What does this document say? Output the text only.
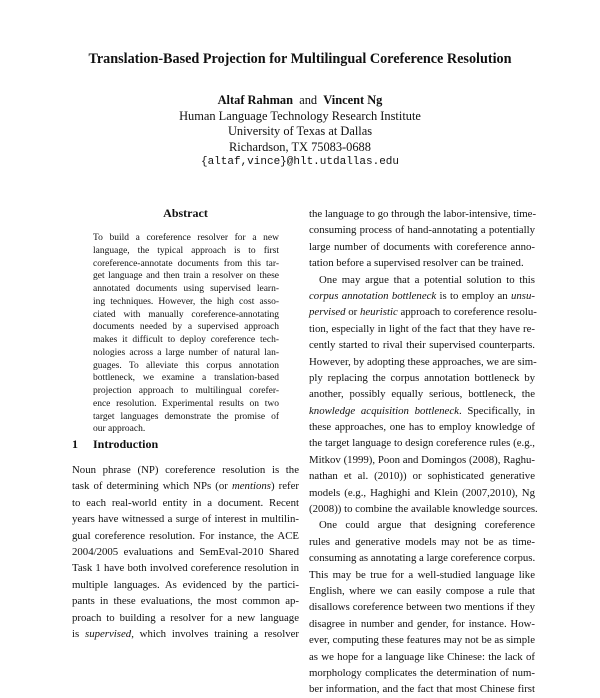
Translation-Based Projection for Multilingual Coreference Resolution
Altaf Rahman and Vincent Ng
Human Language Technology Research Institute
University of Texas at Dallas
Richardson, TX 75083-0688
{altaf,vince}@hlt.utdallas.edu
Abstract
To build a coreference resolver for a new
language, the typical approach is to first
coreference-annotate documents from this tar-
get language and then train a resolver on these
annotated documents using supervised learn-
ing techniques. However, the high cost asso-
ciated with manually coreference-annotating
documents needed by a supervised approach
makes it difficult to deploy coreference tech-
nologies across a large number of natural lan-
guages. To alleviate this corpus annotation
bottleneck, we examine a translation-based
projection approach to multilingual corefer-
ence resolution. Experimental results on two
target languages demonstrate the promise of
our approach.
1 Introduction
Noun phrase (NP) coreference resolution is the
task of determining which NPs (or mentions) refer
to each real-world entity in a document. Recent
years have witnessed a surge of interest in multilin-
gual coreference resolution. For instance, the ACE
2004/2005 evaluations and SemEval-2010 Shared
Task 1 have both involved coreference resolution in
multiple languages. As evidenced by the partici-
pants in these evaluations, the most common ap-
proach to building a resolver for a new language
is supervised, which involves training a resolver
the language to go through the labor-intensive, time-
consuming process of hand-annotating a potentially
large number of documents with coreference anno-
tation before a supervised resolver can be trained.
One may argue that a potential solution to this
corpus annotation bottleneck is to employ an unsu-
pervised or heuristic approach to coreference resolu-
tion, especially in light of the fact that they have re-
cently started to rival their supervised counterparts.
However, by adopting these approaches, we are sim-
ply replacing the corpus annotation bottleneck by
another, possibly equally serious, bottleneck, the
knowledge acquisition bottleneck. Specifically, in
these approaches, one has to employ knowledge of
the target language to design coreference rules (e.g.,
Mitkov (1999), Poon and Domingos (2008), Raghu-
nathan et al. (2010)) or sophisticated generative
models (e.g., Haghighi and Klein (2007,2010), Ng
(2008)) to combine the available knowledge sources.
One could argue that designing coreference
rules and generative models may not be as time-
consuming as annotating a large coreference corpus.
This may be true for a well-studied language like
English, where we can easily compose a rule that
disallows coreference between two mentions if they
disagree in number and gender, for instance. How-
ever, computing these features may not be as simple
as we hope for a language like Chinese: the lack of
morphology complicates the determination of num-
ber information, and the fact that most Chinese first
